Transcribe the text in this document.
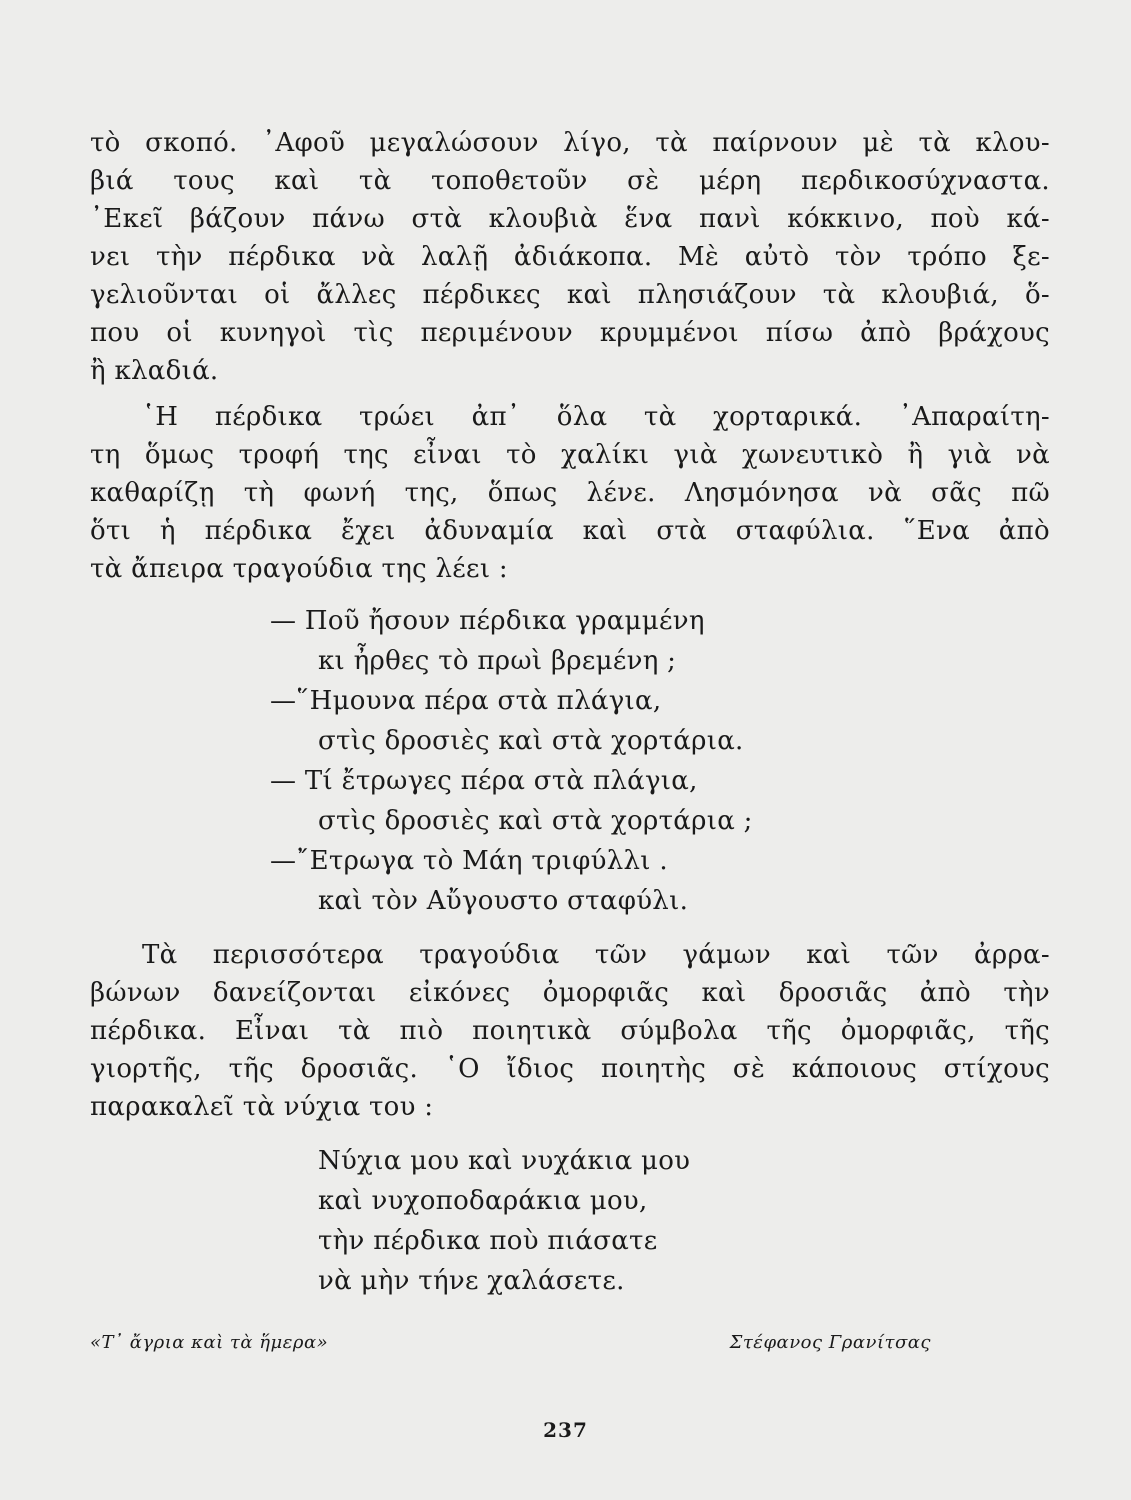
τὸ σκοπό. ᾿Αφοῦ μεγαλώσουν λίγο, τὰ παίρνουν μὲ τὰ κλου-
βιά τους καὶ τὰ τοποθετοῦν σὲ μέρη περδικοσύχναστα.
᾿Εκεῖ βάζουν πάνω στὰ κλουβιὰ ἕνα πανὶ κόκκινο, ποὺ κά-
νει τὴν πέρδικα νὰ λαλῇ ἀδιάκοπα. Μὲ αὐτὸ τὸν τρόπο ξε-
γελιοῦνται οἱ ἄλλες πέρδικες καὶ πλησιάζουν τὰ κλουβιά, ὅ-
που οἱ κυνηγοὶ τὶς περιμένουν κρυμμένοι πίσω ἀπὸ βράχους
ἢ κλαδιά.
῾Η πέρδικα τρώει ἀπ᾿ ὅλα τὰ χορταρικά. ᾿Απαραίτη-
τη ὅμως τροφή της εἶναι τὸ χαλίκι γιὰ χωνευτικὸ ἢ γιὰ νὰ
καθαρίζῃ τὴ φωνή της, ὅπως λένε. Λησμόνησα νὰ σᾶς πῶ
ὅτι ἡ πέρδικα ἔχει ἀδυναμία καὶ στὰ σταφύλια. ῞Ενα ἀπὸ
τὰ ἄπειρα τραγούδια της λέει :
— Ποῦ ἤσουν πέρδικα γραμμένη
κι ἦρθες τὸ πρωὶ βρεμένη ;
—῞Ημουνα πέρα στὰ πλάγια,
στὶς δροσιὲς καὶ στὰ χορτάρια.
— Τί ἔτρωγες πέρα στὰ πλάγια,
στὶς δροσιὲς καὶ στὰ χορτάρια ;
—῎Ετρωγα τὸ Μάη τριφύλλι .
καὶ τὸν Αὔγουστο σταφύλι.
Τὰ περισσότερα τραγούδια τῶν γάμων καὶ τῶν ἀρρα-
βώνων δανείζονται εἰκόνες ὀμορφιᾶς καὶ δροσιᾶς ἀπὸ τὴν
πέρδικα. Εἶναι τὰ πιὸ ποιητικὰ σύμβολα τῆς ὀμορφιᾶς, τῆς
γιορτῆς, τῆς δροσιᾶς. ῾Ο ἴδιος ποιητὴς σὲ κάποιους στίχους
παρακαλεῖ τὰ νύχια του :
Νύχια μου καὶ νυχάκια μου
καὶ νυχοποδαράκια μου,
τὴν πέρδικα ποὺ πιάσατε
νὰ μὴν τήνε χαλάσετε.
«Τ᾿ ἄγρια καὶ τὰ ἥμερα»	Στέφανος Γρανίτσας
237
